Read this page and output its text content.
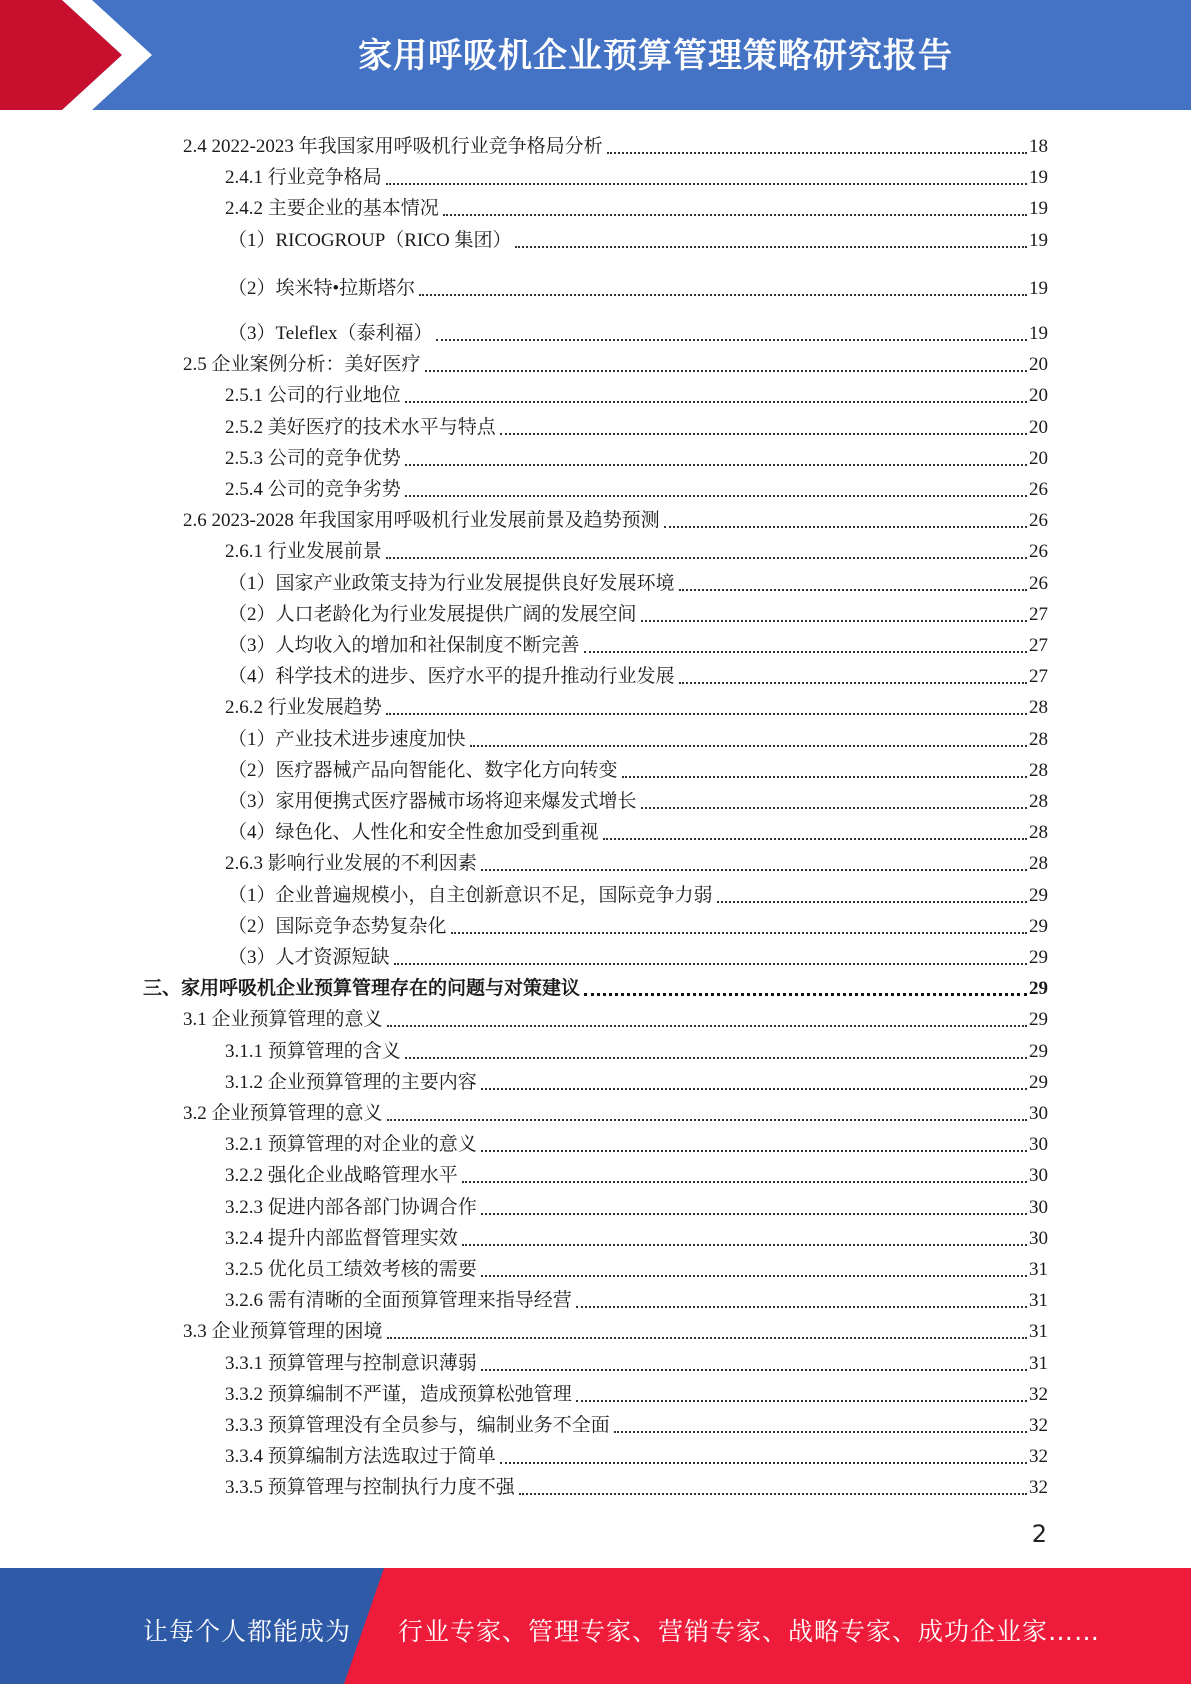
家用呼吸机企业预算管理策略研究报告
2.4 2022-2023 年我国家用呼吸机行业竞争格局分析	18
2.4.1 行业竞争格局	19
2.4.2 主要企业的基本情况	19
（1）RICOGROUP（RICO 集团）	19
（2）埃米特•拉斯塔尔	19
（3）Teleflex（泰利福）	19
2.5 企业案例分析：美好医疗	20
2.5.1 公司的行业地位	20
2.5.2 美好医疗的技术水平与特点	20
2.5.3 公司的竞争优势	20
2.5.4 公司的竞争劣势	26
2.6 2023-2028 年我国家用呼吸机行业发展前景及趋势预测	26
2.6.1 行业发展前景	26
（1）国家产业政策支持为行业发展提供良好发展环境	26
（2）人口老龄化为行业发展提供广阔的发展空间	27
（3）人均收入的增加和社保制度不断完善	27
（4）科学技术的进步、医疗水平的提升推动行业发展	27
2.6.2 行业发展趋势	28
（1）产业技术进步速度加快	28
（2）医疗器械产品向智能化、数字化方向转变	28
（3）家用便携式医疗器械市场将迎来爆发式增长	28
（4）绿色化、人性化和安全性愈加受到重视	28
2.6.3 影响行业发展的不利因素	28
（1）企业普遍规模小，自主创新意识不足，国际竞争力弱	29
（2）国际竞争态势复杂化	29
（3）人才资源短缺	29
三、家用呼吸机企业预算管理存在的问题与对策建议	29
3.1 企业预算管理的意义	29
3.1.1 预算管理的含义	29
3.1.2 企业预算管理的主要内容	29
3.2 企业预算管理的意义	30
3.2.1 预算管理的对企业的意义	30
3.2.2 强化企业战略管理水平	30
3.2.3 促进内部各部门协调合作	30
3.2.4 提升内部监督管理实效	30
3.2.5 优化员工绩效考核的需要	31
3.2.6 需有清晰的全面预算管理来指导经营	31
3.3 企业预算管理的困境	31
3.3.1 预算管理与控制意识薄弱	31
3.3.2 预算编制不严谨，造成预算松弛管理	32
3.3.3 预算管理没有全员参与，编制业务不全面	32
3.3.4 预算编制方法选取过于简单	32
3.3.5 预算管理与控制执行力度不强	32
2
让每个人都能成为 行业专家、管理专家、营销专家、战略专家、成功企业家……
